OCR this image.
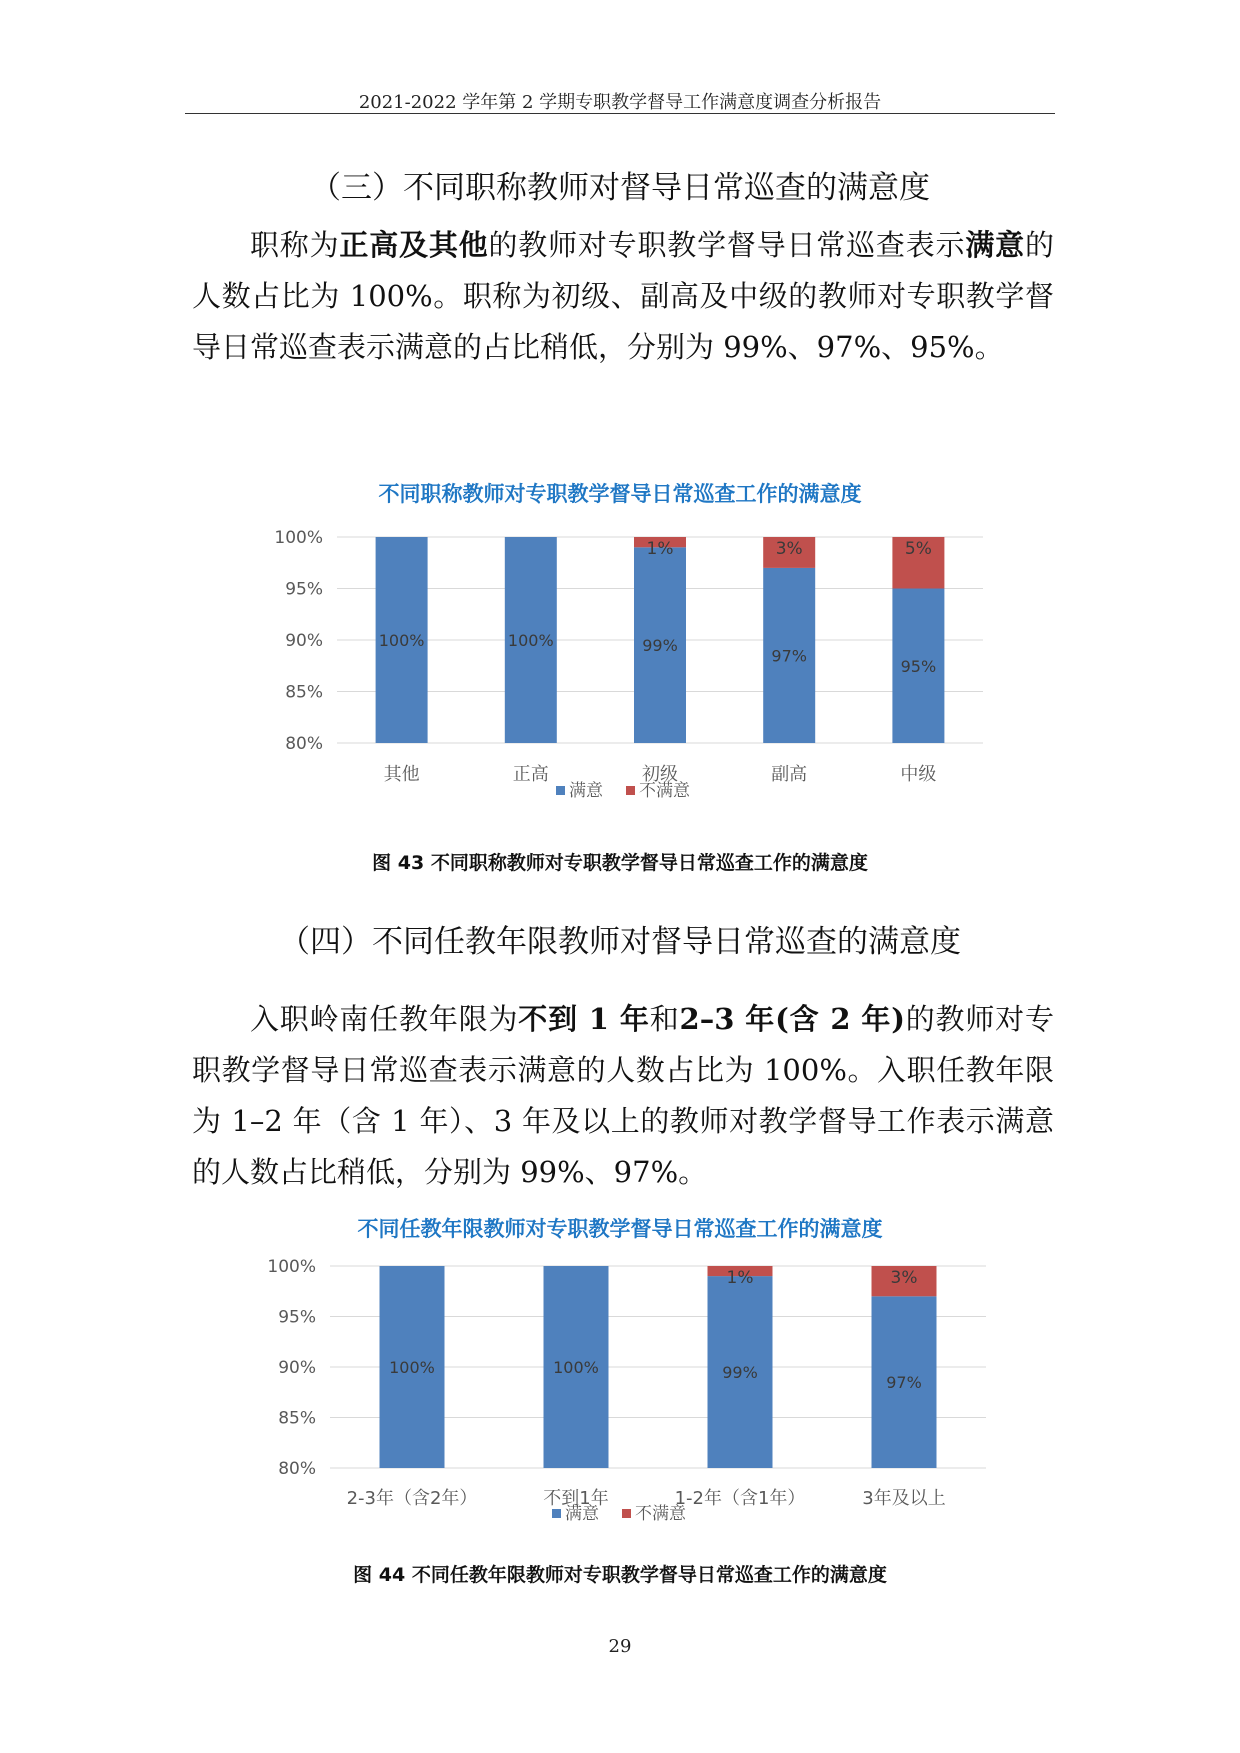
2021-2022 学年第 2 学期专职教学督导工作满意度调查分析报告
（三）不同职称教师对督导日常巡查的满意度
职称为正高及其他的教师对专职教学督导日常巡查表示满意的人数占比为 100%。职称为初级、副高及中级的教师对专职教学督导日常巡查表示满意的占比稍低，分别为 99%、97%、95%。
不同职称教师对专职教学督导日常巡查工作的满意度
80%
85%
90%
95%
100%
100%
其他
100%
正高
99%
1%
初级
97%
3%
副高
95%
5%
中级
满意 不满意
80%
85%
90%
95%
100%
100%
2-3年（含2年）
100%
不到1年
99%
1%
1-2年（含1年）
97%
3%
3年及以上
满意 不满意
图 43 不同职称教师对专职教学督导日常巡查工作的满意度
（四）不同任教年限教师对督导日常巡查的满意度
入职岭南任教年限为不到 1 年和2–3 年(含 2 年)的教师对专职教学督导日常巡查表示满意的人数占比为 100%。入职任教年限为 1–2 年（含 1 年）、3 年及以上的教师对教学督导工作表示满意的人数占比稍低，分别为 99%、97%。
不同任教年限教师对专职教学督导日常巡查工作的满意度
图 44 不同任教年限教师对专职教学督导日常巡查工作的满意度
29
